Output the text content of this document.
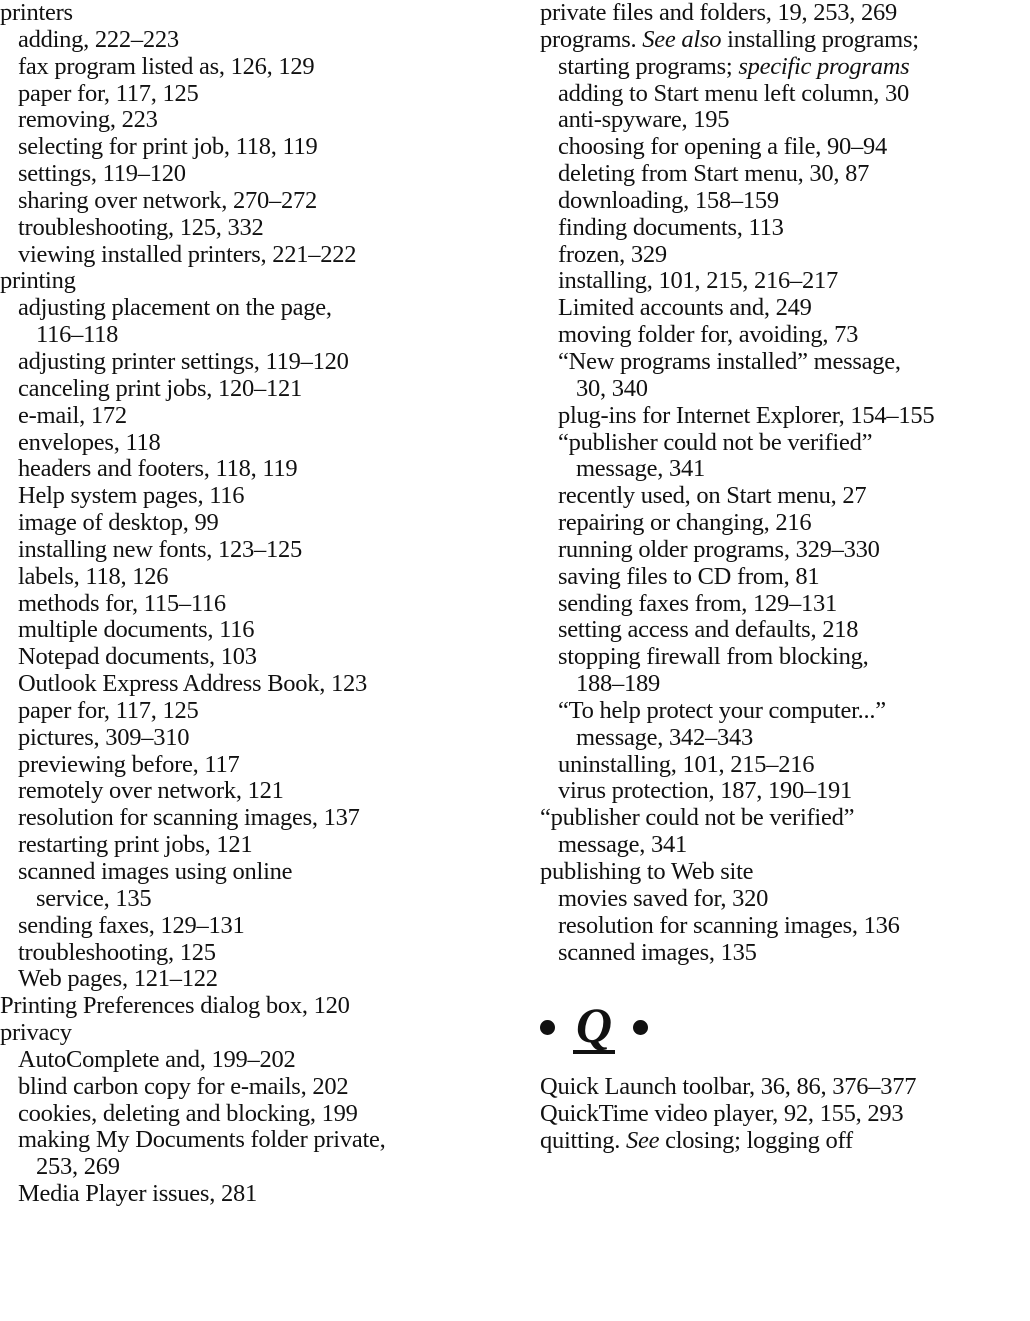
printers
adding, 222–223
fax program listed as, 126, 129
paper for, 117, 125
removing, 223
selecting for print job, 118, 119
settings, 119–120
sharing over network, 270–272
troubleshooting, 125, 332
viewing installed printers, 221–222
printing
adjusting placement on the page,
116–118
adjusting printer settings, 119–120
canceling print jobs, 120–121
e-mail, 172
envelopes, 118
headers and footers, 118, 119
Help system pages, 116
image of desktop, 99
installing new fonts, 123–125
labels, 118, 126
methods for, 115–116
multiple documents, 116
Notepad documents, 103
Outlook Express Address Book, 123
paper for, 117, 125
pictures, 309–310
previewing before, 117
remotely over network, 121
resolution for scanning images, 137
restarting print jobs, 121
scanned images using online
service, 135
sending faxes, 129–131
troubleshooting, 125
Web pages, 121–122
Printing Preferences dialog box, 120
privacy
AutoComplete and, 199–202
blind carbon copy for e-mails, 202
cookies, deleting and blocking, 199
making My Documents folder private,
253, 269
Media Player issues, 281
private files and folders, 19, 253, 269
programs. See also installing programs;
starting programs; specific programs
adding to Start menu left column, 30
anti-spyware, 195
choosing for opening a file, 90–94
deleting from Start menu, 30, 87
downloading, 158–159
finding documents, 113
frozen, 329
installing, 101, 215, 216–217
Limited accounts and, 249
moving folder for, avoiding, 73
“New programs installed” message,
30, 340
plug-ins for Internet Explorer, 154–155
“publisher could not be verified”
message, 341
recently used, on Start menu, 27
repairing or changing, 216
running older programs, 329–330
saving files to CD from, 81
sending faxes from, 129–131
setting access and defaults, 218
stopping firewall from blocking,
188–189
“To help protect your computer...”
message, 342–343
uninstalling, 101, 215–216
virus protection, 187, 190–191
“publisher could not be verified”
message, 341
publishing to Web site
movies saved for, 320
resolution for scanning images, 136
scanned images, 135
Q
Quick Launch toolbar, 36, 86, 376–377
QuickTime video player, 92, 155, 293
quitting. See closing; logging off
